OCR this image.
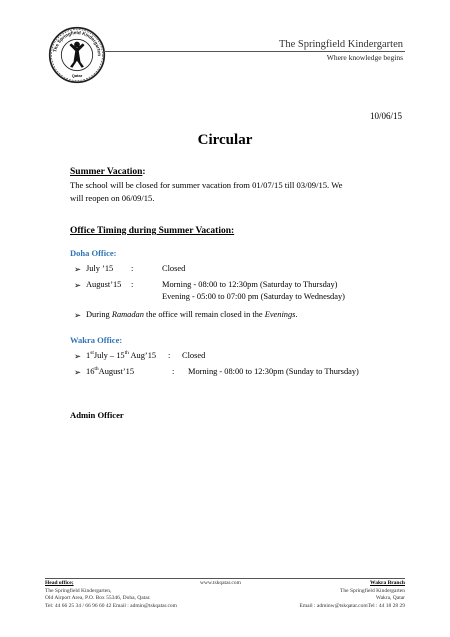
The Springfield Kindergarten
Qatar
The Springfield Kindergarten
Where knowledge begins
10/06/15
Circular
Summer Vacation:
The school will be closed for summer vacation from 01/07/15 till 03/09/15. We
will reopen on 06/09/15.
Office Timing during Summer Vacation:
Doha Office:
➢ July ’15 :	Closed
➢ August’15 :	Morning - 08:00 to 12:30pm (Saturday to Thursday)
Evening - 05:00 to 07:00 pm (Saturday to Wednesday)
➢ During Ramadan the office will remain closed in the Evenings.
Wakra Office:
➢ 1stJuly – 15th Aug’15 : Closed
➢ 16thAugust’15	: Morning - 08:00 to 12:30pm (Sunday to Thursday)
Admin Officer
Head office;
The Springfield Kindergarten,
Old Airport Area, P.O. Box 55346, Doha, Qatar.
Tel: 44 66 25 34 / 66 96 60 42 Email : admin@tskqatar.com
www.tskqatar.com	Wakra Branch
The Springfield Kindergarten
Wakra, Qatar
Email : adminw@tskqatar.comTel : 44 18 28 29
